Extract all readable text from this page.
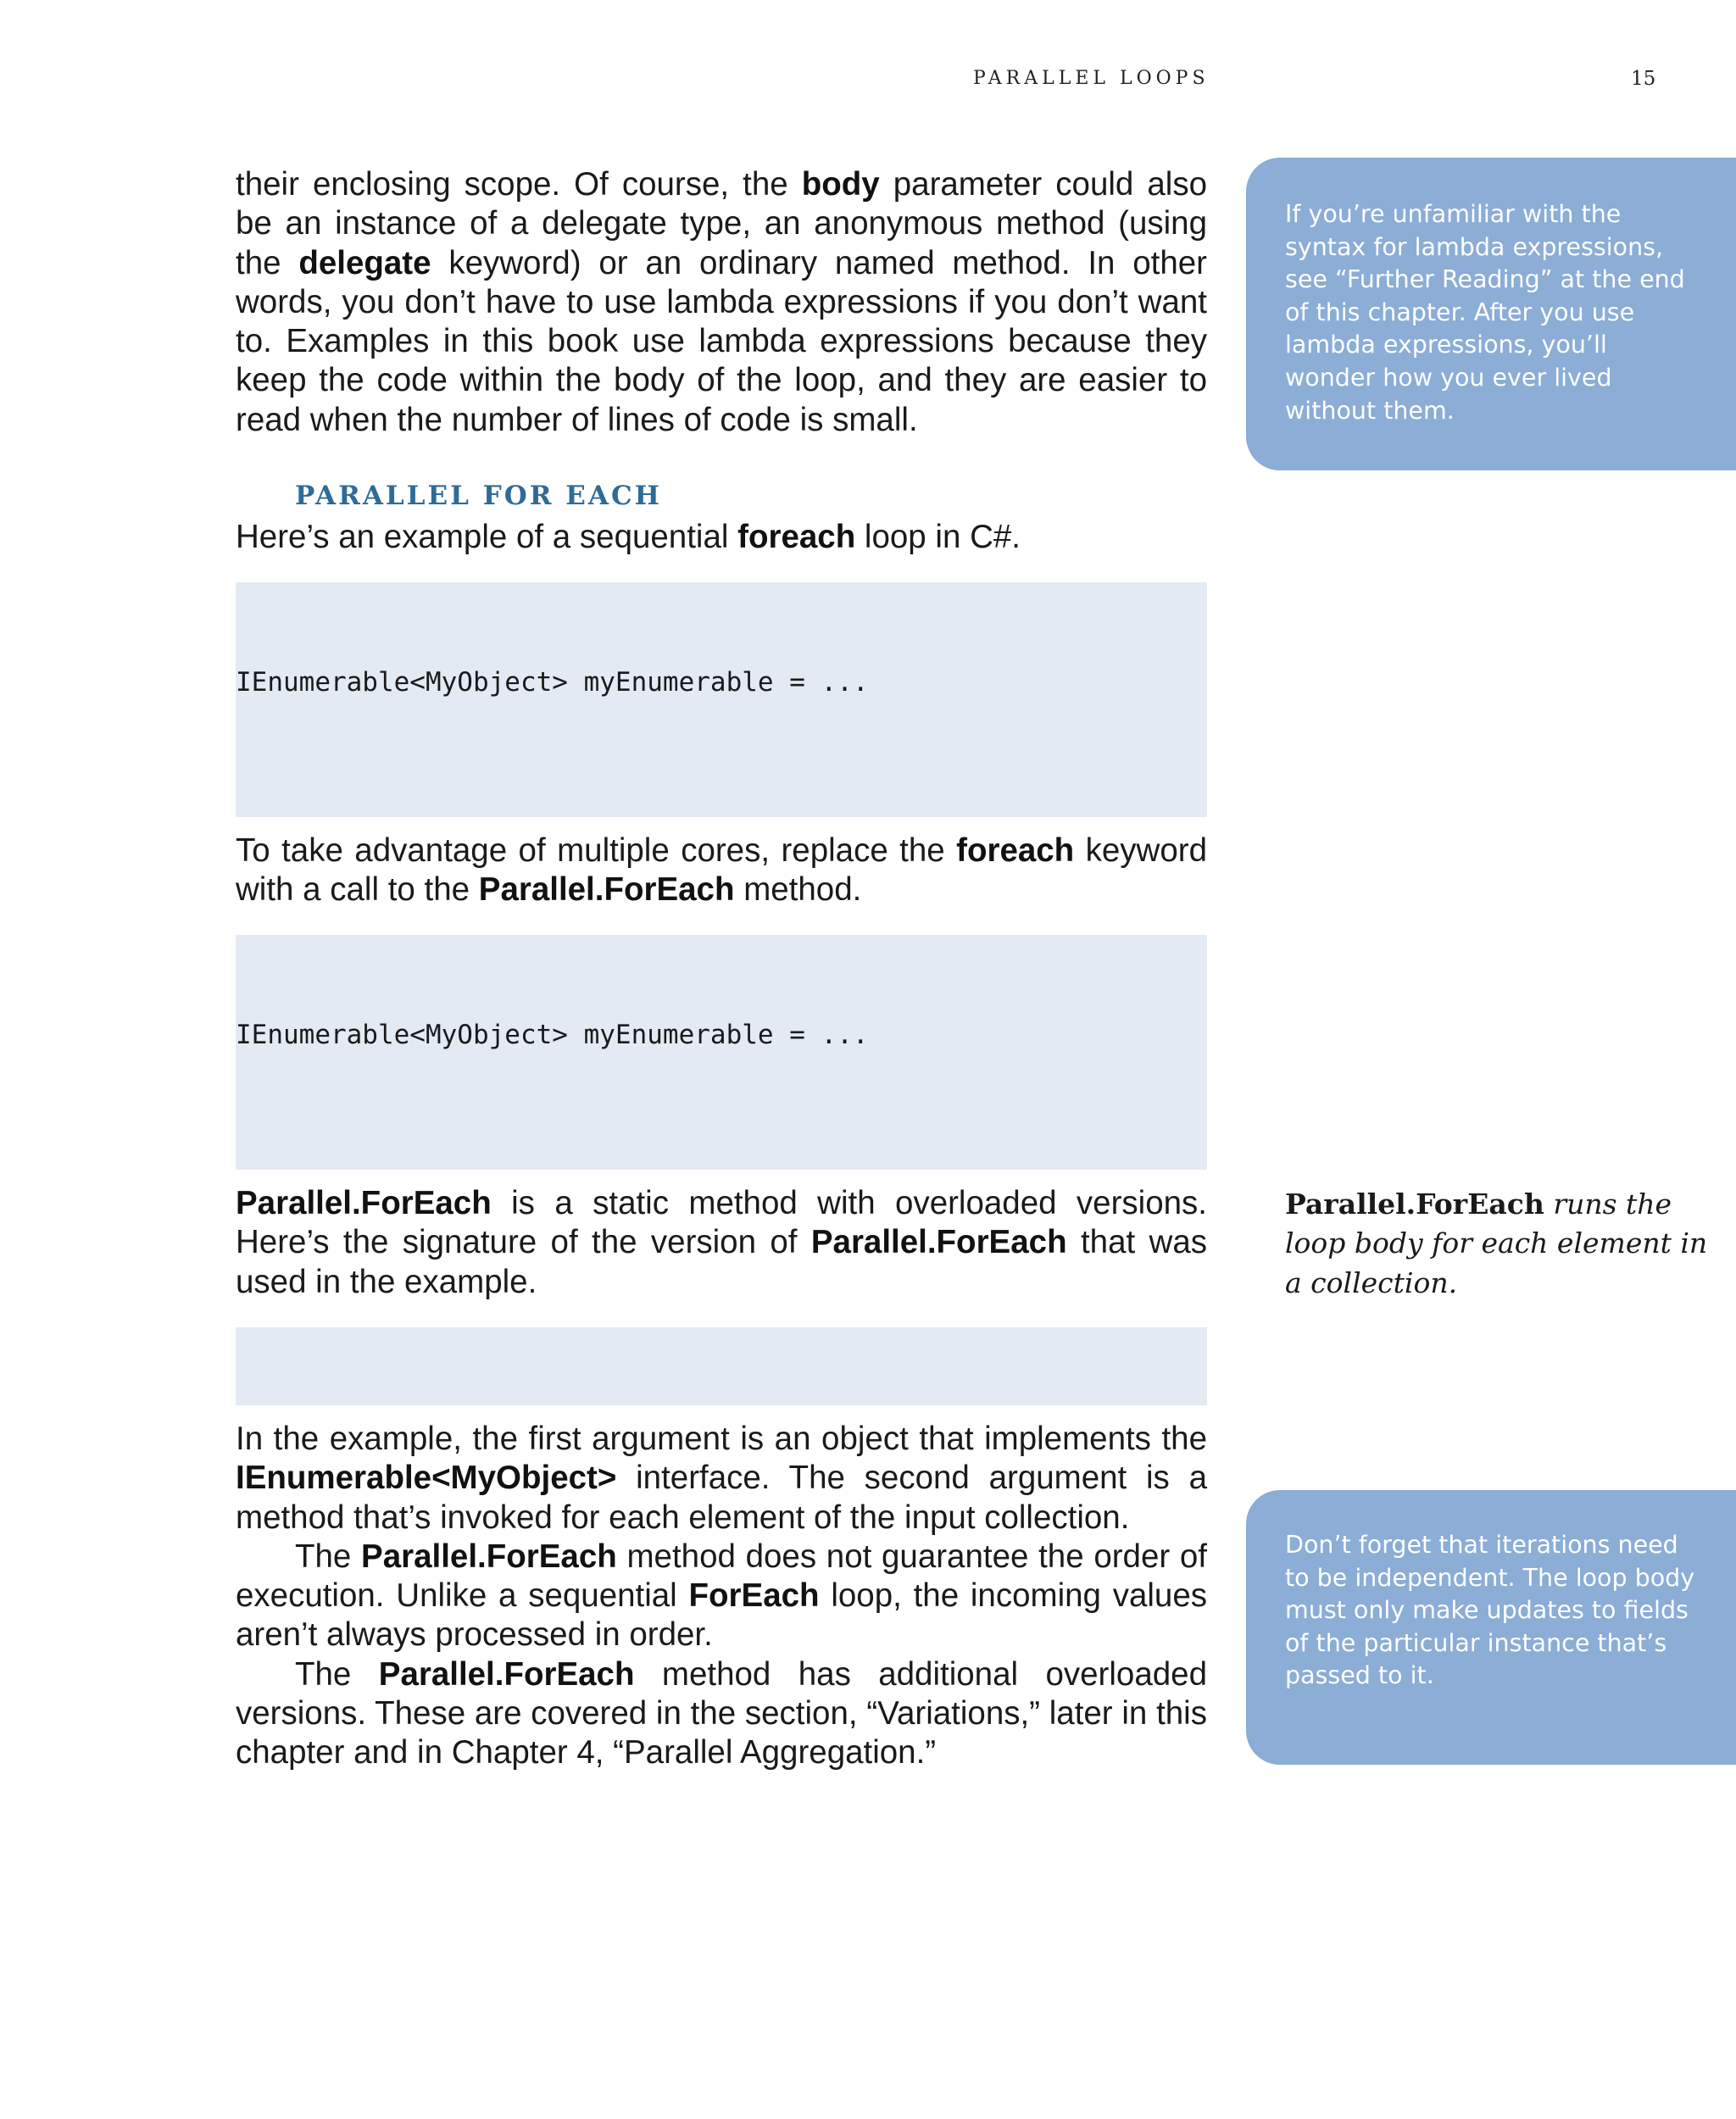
PARALLEL LOOPS	15

their enclosing scope. Of course, the body parameter could also be an instance of a delegate type, an anonymous method (using the delegate keyword) or an ordinary named method. In other words, you don’t have to use lambda expressions if you don’t want to. Examples in this book use lambda expressions because they keep the code within the body of the loop, and they are easier to read when the number of lines of code is small.

PARALLEL FOR EACH

Here’s an example of a sequential foreach loop in C#.

IEnumerable<MyObject> myEnumerable = ...

To take advantage of multiple cores, replace the foreach keyword with a call to the Parallel.ForEach method.

IEnumerable<MyObject> myEnumerable = ...

Parallel.ForEach is a static method with overloaded versions. Here’s the signature of the version of Parallel.ForEach that was used in the example.

In the example, the first argument is an object that implements the IEnumerable<MyObject> interface. The second argument is a method that’s invoked for each element of the input collection.

The Parallel.ForEach method does not guarantee the order of execution. Unlike a sequential ForEach loop, the incoming values aren’t always processed in order.

The Parallel.ForEach method has additional overloaded versions. These are covered in the section, “Variations,” later in this chapter and in Chapter 4, “Parallel Aggregation.”

If you’re unfamiliar with the syntax for lambda expressions, see “Further Reading” at the end of this chapter. After you use lambda expressions, you’ll wonder how you ever lived without them.
Parallel.ForEach runs the loop body for each element in a collection.
Don’t forget that iterations need to be independent. The loop body must only make updates to fields of the particular instance that’s passed to it.
